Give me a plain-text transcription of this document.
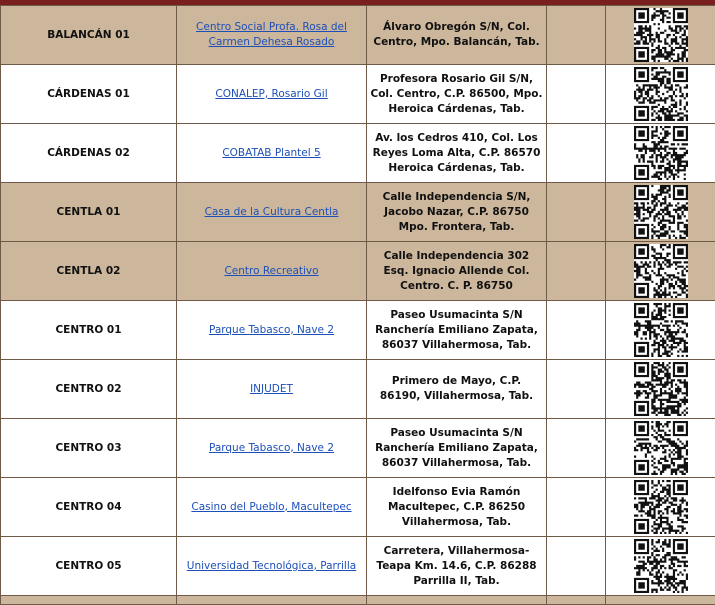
BALANCÁN 01	Centro Social Profa. Rosa del Carmen Dehesa Rosado	Álvaro Obregón S/N, Col. Centro, Mpo. Balancán, Tab.		

CÁRDENAS 01	CONALEP, Rosario Gil	Profesora Rosario Gil S/N, Col. Centro, C.P. 86500, Mpo. Heroica Cárdenas, Tab.		

CÁRDENAS 02	COBATAB Plantel 5	Av. los Cedros 410, Col. Los Reyes Loma Alta, C.P. 86570 Heroica Cárdenas, Tab.		

CENTLA 01	Casa de la Cultura Centla	Calle Independencia S/N, Jacobo Nazar, C.P. 86750 Mpo. Frontera, Tab.		

CENTLA 02	Centro Recreativo	Calle Independencia 302 Esq. Ignacio Allende Col. Centro. C. P. 86750		

CENTRO 01	Parque Tabasco, Nave 2	Paseo Usumacinta S/N Ranchería Emiliano Zapata, 86037 Villahermosa, Tab.		

CENTRO 02	INJUDET	Primero de Mayo, C.P. 86190, Villahermosa, Tab.		

CENTRO 03	Parque Tabasco, Nave 2	Paseo Usumacinta S/N Ranchería Emiliano Zapata, 86037 Villahermosa, Tab.		

CENTRO 04	Casino del Pueblo, Macultepec	Idelfonso Evia Ramón Macultepec, C.P. 86250 Villahermosa, Tab.		

CENTRO 05	Universidad Tecnológica, Parrilla	Carretera, Villahermosa-Teapa Km. 14.6, C.P. 86288 Parrilla II, Tab.		
